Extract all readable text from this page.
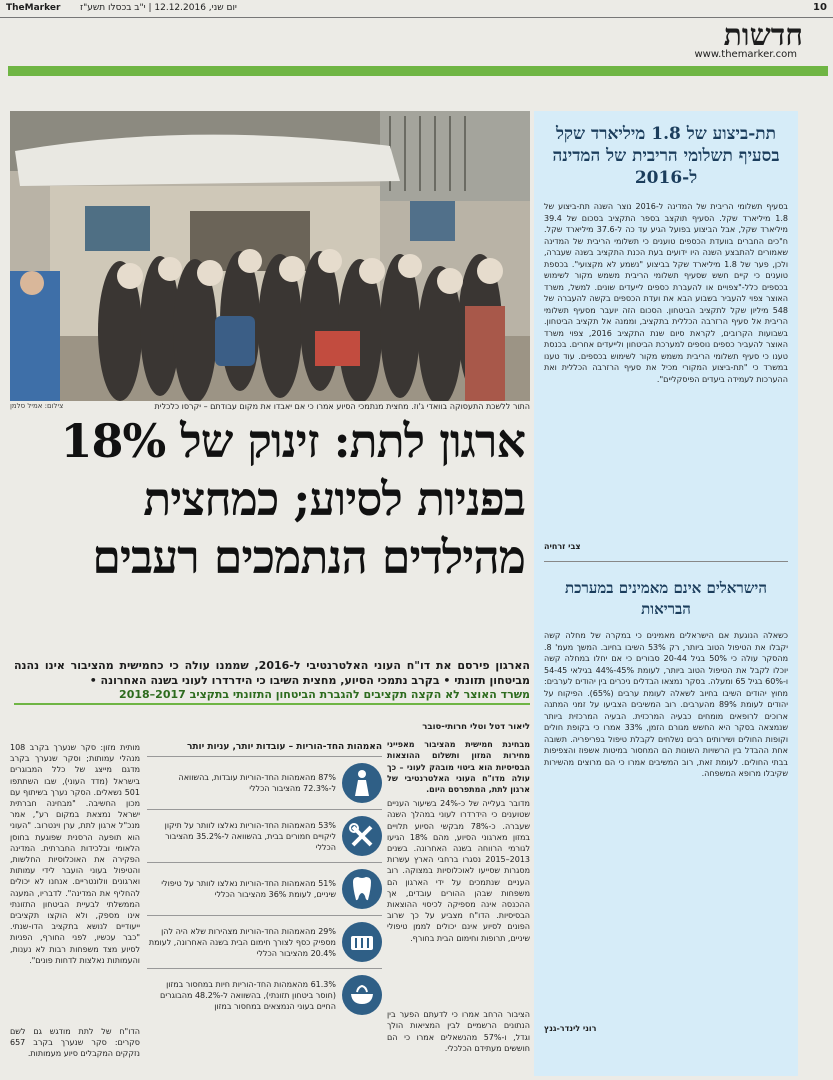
10
TheMarker יום שני, 12.12.2016 | י"ב בכסלו תשע"ז
חדשות
www.themarker.com
תת-ביצוע של 1.8 מיליארד שקל בסעיף תשלומי הריבית של המדינה ל-2016
בסעיף תשלומי הריבית של המדינה ל-2016 נוצר השנה תת-ביצוע של 1.8 מיליארד שקל. הסעיף תוקצב בספר התקציב בסכום של 39.4 מיליארד שקל, אבל הביצוע בפועל הגיע עד כה ל-37.6 מיליארד שקל. ח"כים החברים בוועדת הכספים טוענים כי תשלומי הריבית של המדינה שאמורים להתבצע השנה היו ידועים בעת הכנת התקציב בשנה שעברה, ולכן, פער של 1.8 מיליארד שקל בביצוע "נשמע לא מקצועי". בכספת טוענים כי קיים חשש שסעיף תשלומי הריבית משמש מקור לשימוש בכספים כלל-"צפויים או להעברת כספים לייעדים שונים. למשל, משרד האוצר צפוי להעביר בשבוע הבא את ועדת הכספים בקשה להעברה של 548 מיליון שקל לתקציב הביטחון. הסכום הזה יועבר מסעיף תשלומי הריבית אל סעיף הרזרבה הכללית בתקציב, וממנה אל תקציב הביטחון. בשבועות הקרובים, לקראת סיום שנת התקציב 2016, צפוי משרד האוצר להעביר כספים נוספים למערכת הביטחון ולייעדים אחרים. בכנסת טענו כי סעיף תשלומי הריבית משמש מקור לשימוש בכספים. עוד טענו במשרד כי "תת-ביצוע המקורי מכיל את סעיף הרזרבה הכללית ואת ההערכות לעמידה ביעדים הפיסקליים".
צבי זרחיה
הישראלים אינם מאמינים במערכת הבריאות
כשאלה הנוגעת אם הישראלים מאמינים כי במקרה של מחלה קשה יקבלו את הטיפול הטוב ביותר, רק 53% השיבו בחיוב. המשך מעמ' 8. מהסקר עולה כי 50% בגיל 20-44 סבורים כי אם יחלו במחלה קשה יוכלו לקבל את הטיפול הטוב ביותר, לעומת 45%-44% בגילאי 54-45 ו-60% בגיל 65 ומעלה. בסקר נמצאו הבדלים ניכרים בין יהודים לערבים: מחוץ יהודים השיבו בחיוב לשאלה לעומת ערבים (65%). הפיקוח על יהודים לעומת 89% מהערבים. רוב המשיבים הצביעו על זמני המתנה ארוכים לרופאים מומחים כבעיה המרכזית. הבעיה המרכזית ביותר שנמצאה בסקר היא החשש מגורם הזמן, 33% אמרו כי בקופת חולים וקופות החולים ושירותים רבים נשלחים לקבלת טיפול בפריפריה. תשובה אחת ההבדל בין הרשויות השונות הם המחסור במיטות אשפוז והצפיפות בבתי החולים. לעומת זאת, רוב המשיבים אמרו כי הם מרוצים מהשירות שקיבלו מרופא המשפחה.
רוני לינדר-גנץ
צילום: אמיל סלמן	התור ללשכת התעסוקה בוואדי ג'וז. מחצית מנתמכי הסיוע אמרו כי אם יאבדו את מקום עבודתם – יקרסו כלכלית
ארגון לתת: זינוק של 18%
בפניות לסיוע; כמחצית
מהילדים הנתמכים רעבים
הארגון פירסם את דו"ח העוני האלטרנטיבי ל-2016, שממנו עולה כי כחמישית מהציבור אינו נהנה מביטחון תזונתי • בקרב נתמכי הסיוע, מחצית השיבו כי הידרדרו לעוני בשנה האחרונה •
משרד האוצר לא הקצה תקציבים להגברת הביטחון התזונתי בתקציב 2017–2018
ליאור דטל וטלי חרותי-סובר
מבחינת חמישית מהציבור מאפייני מחירות המזון ותשלום ההוצאות הבסיסיות הוא ביטוי מובהק לעוני – כך עולה מדו"ח העוני האלטרנטיבי של ארגון לתת, המתפרסם היום.
מדובר בעלייה של כ-24% בשיעור העניים שטוענים כי הידרדרו לעוני במהלך השנה שעברה. כ-78% מבקשי הסיוע תלויים במזון מארגוני הסיוע, מהם 18% הגיעו לגורמי הרווחה בשנה האחרונה. בשנים 2013–2015 נסגרו ברחבי הארץ עשרות מסגרות שסייעו לאוכלוסיות במצוקה. רוב העניים שנתמכים על ידי הארגון הם משפחות שבהן ההורים עובדים, אך ההכנסה אינה מספיקה לכיסוי ההוצאות הבסיסיות. הדו"ח מצביע על כך שרוב הפונים לסיוע אינם יכולים לממן טיפולי שיניים, תרופות וחימום הבית בחורף.
הציבור הרחב אמרו כי לדעתם הפער בין הנתונים הרשמיים לבין המציאות הולך וגדל, ו-57% מהנשאלים אמרו כי הם חוששים מעתידם הכלכלי.
האמהות החד-הוריות – עובדות יותר, עניות יותר
87% מהאמהות החד-הוריות עובדות, בהשוואה ל-72.3% מהציבור הכללי
53% מהאמהות החד-הוריות נאלצו לוותר על תיקון ליקויים חמורים בבית, בהשוואה ל-35.2% מהציבור הכללי
51% מהאמהות החד-הוריות נאלצו לוותר על טיפולי שיניים, לעומת 36% מהציבור הכללי
29% מהאמהות החד-הוריות מצהירות שלא היה להן מספיק כסף לצורך חימום הבית בשנה האחרונה, לעומת 20.4% מהציבור הכללי
61.3% מהאמהות החד-הוריות חיות במחסור במזון (חוסר ביטחון תזונתי), בהשוואה ל-48.2% מהבוגרים החיים בעוני הנמצאים במחסור במזון
מותית מזון: סקר שנערך בקרב 108 מנהלי עמותות; וסקר שנערך בקרב מדגם מייצג של כלל המבוגרים בישראל (מדד העוני), שבו השתתפו 501 נשאלים. הסקר נערך בשיתוף עם מכון החשיבה. "מבחינה חברתית ישראל נמצאת במקום רע", אמר מנכ"ל ארגון לתת, ערן וינטרוב. "העוני הוא תופעה הרסנית שפוגעת בחוסן הלאומי ובלכידות החברתית. המדינה הפקירה את האוכלוסיות החלשות, והטיפול בעוני הועבר לידי עמותות וארגונים וולונטריים. אנחנו לא יכולים להחליף את המדינה". לדבריו, המענה הממשלתי לבעיית הביטחון התזונתי אינו מספק, ולא הוקצו תקציבים ייעודיים לנושא בתקציב הדו-שנתי. "כבר עכשיו, לפני החורף, הפניות לסיוע מצד משפחות רבות לא נענות, והעמותות נאלצות לדחות פונים".
הדו"ח של לתת מודגש גם לשם סקרים: סקר שנערך בקרב 657 נזקקים המקבלים סיוע מעמותות.
